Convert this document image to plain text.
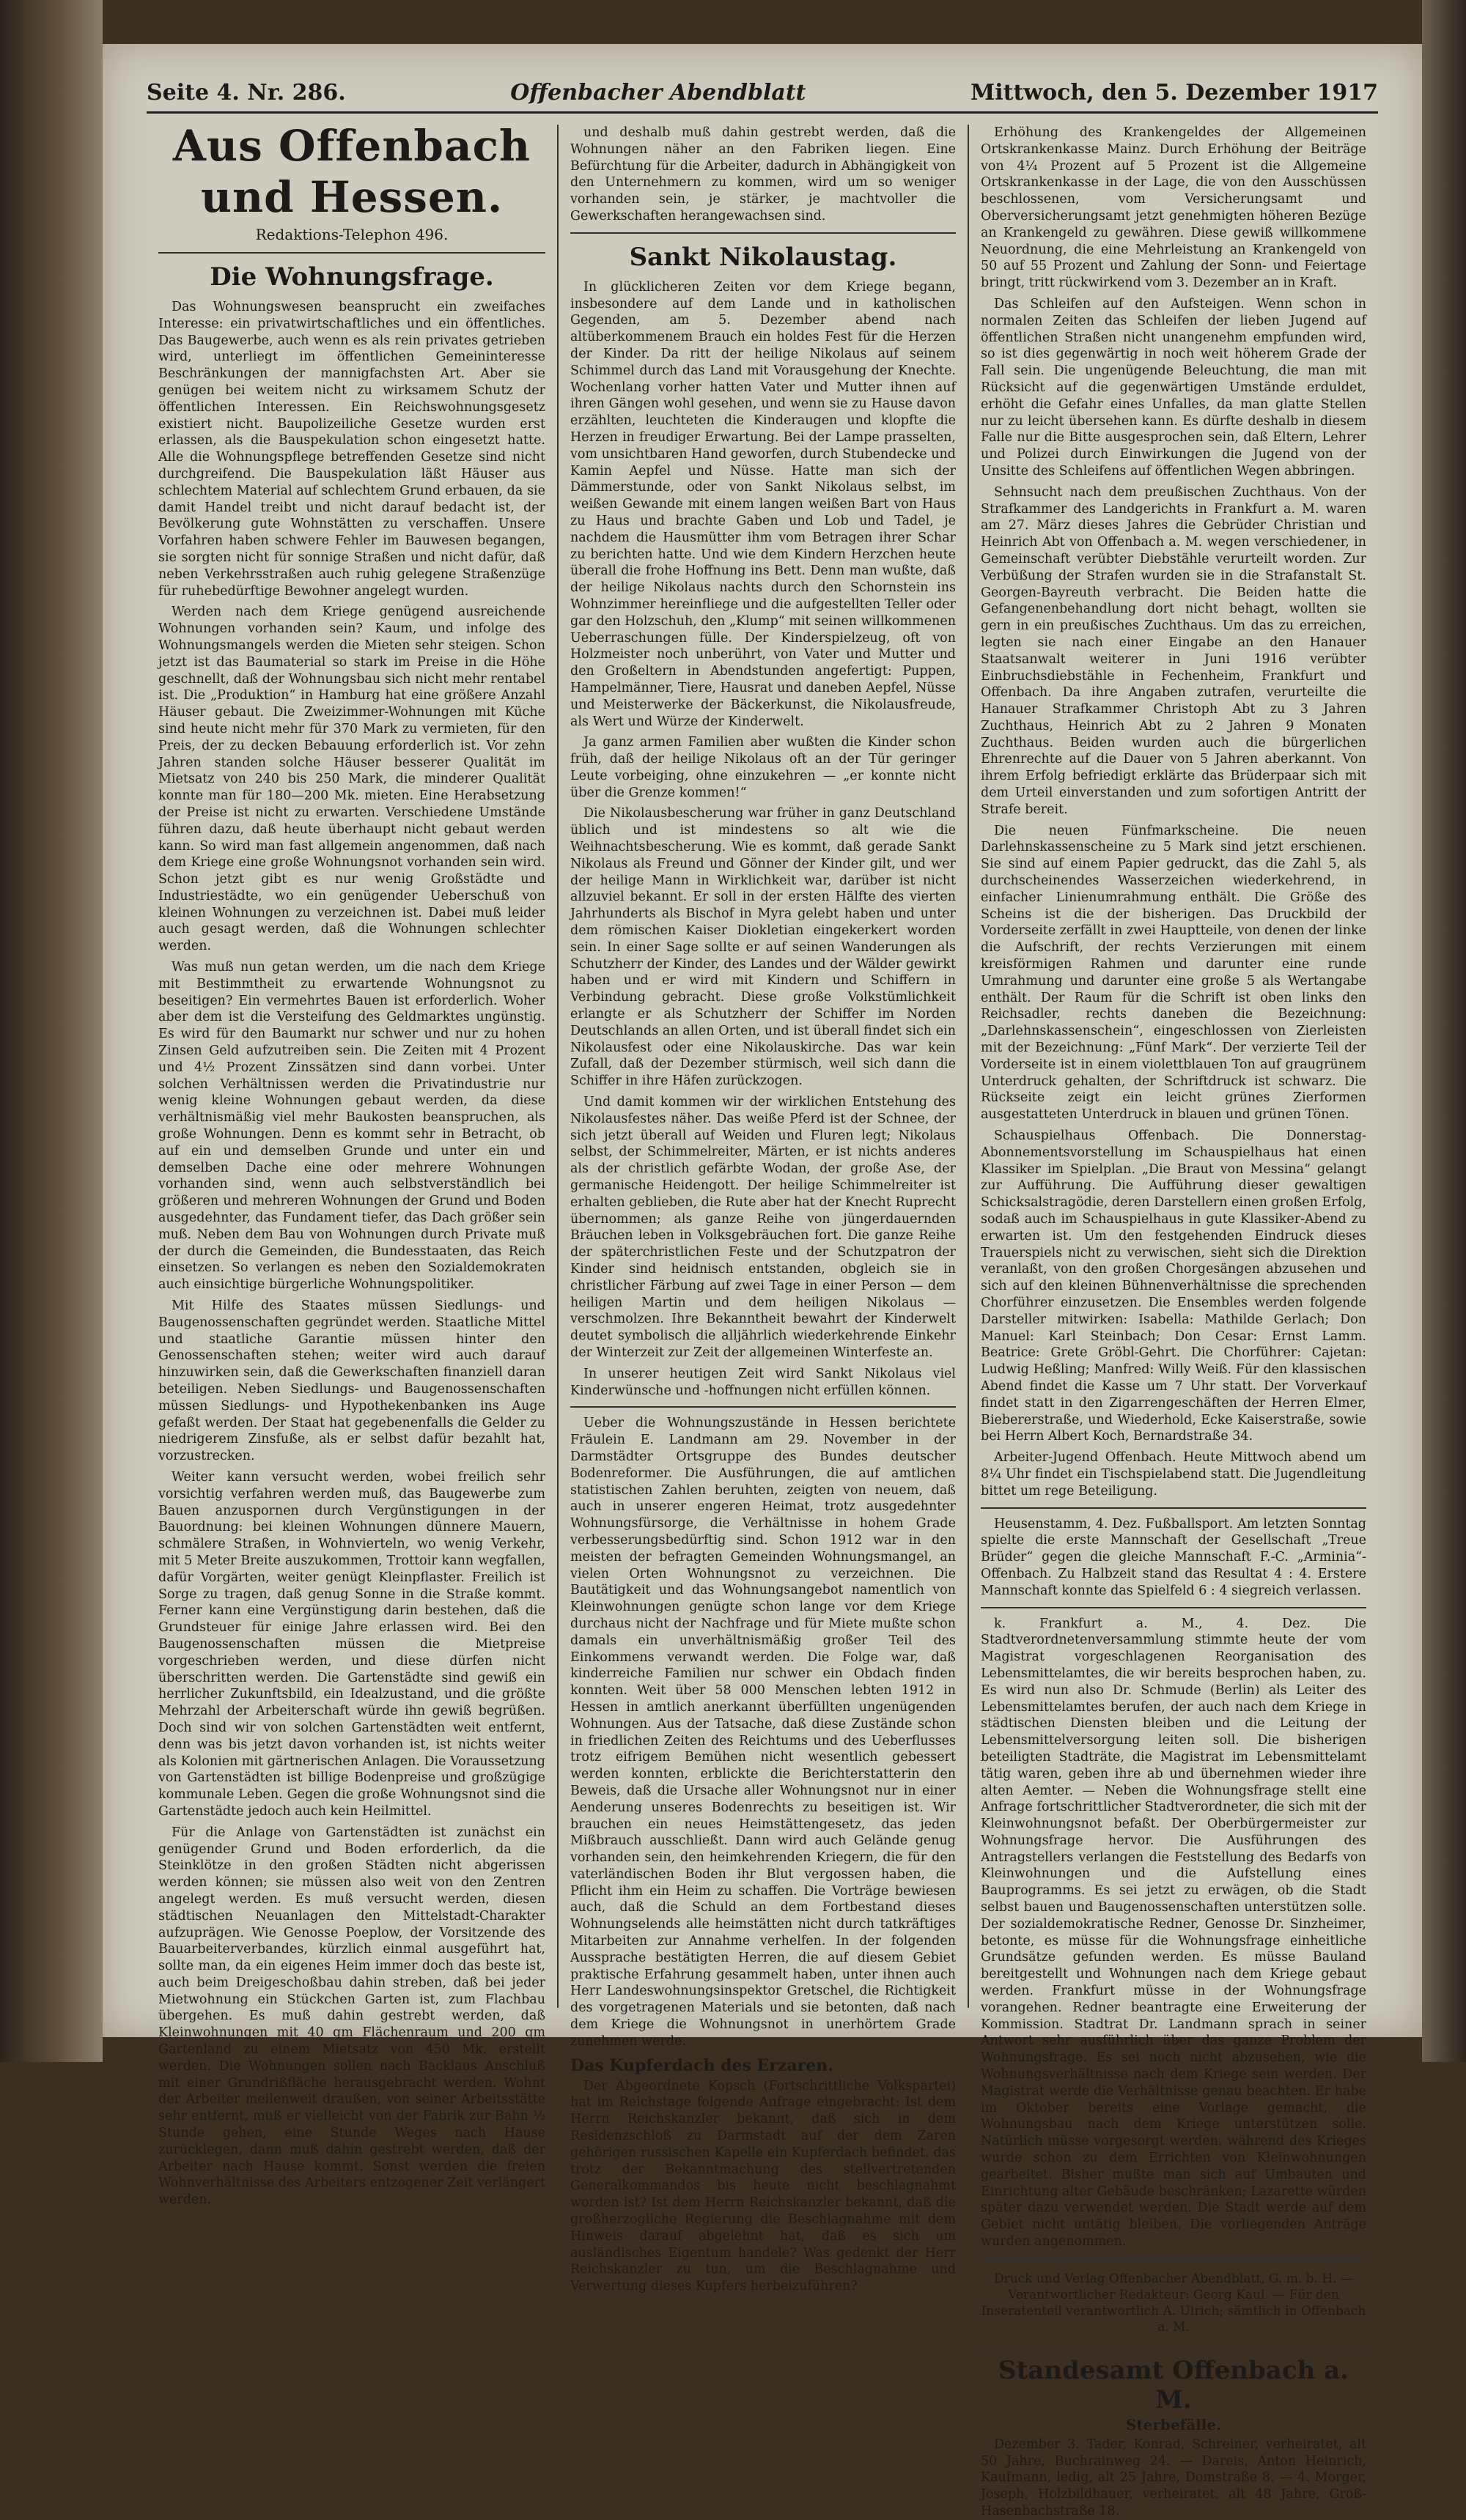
Seite 4. Nr. 286.	Offenbacher Abendblatt	Mittwoch, den 5. Dezember 1917
Aus Offenbach und Hessen.
Redaktions-Telephon 496.
Die Wohnungsfrage.

Das Wohnungswesen beansprucht ein zweifaches Interesse: ein privatwirtschaftliches und ein öffentliches. Das Baugewerbe, auch wenn es als rein privates getrieben wird, unterliegt im öffentlichen Gemeininteresse Beschränkungen der mannigfachsten Art. Aber sie genügen bei weitem nicht zu wirksamem Schutz der öffentlichen Interessen. Ein Reichswohnungsgesetz existiert nicht. Baupolizeiliche Gesetze wurden erst erlassen, als die Bauspekulation schon eingesetzt hatte. Alle die Wohnungspflege betreffenden Gesetze sind nicht durchgreifend. Die Bauspekulation läßt Häuser aus schlechtem Material auf schlechtem Grund erbauen, da sie damit Handel treibt und nicht darauf bedacht ist, der Bevölkerung gute Wohnstätten zu verschaffen. Unsere Vorfahren haben schwere Fehler im Bauwesen begangen, sie sorgten nicht für sonnige Straßen und nicht dafür, daß neben Verkehrsstraßen auch ruhig gelegene Straßenzüge für ruhebedürftige Bewohner angelegt wurden.

Werden nach dem Kriege genügend ausreichende Wohnungen vorhanden sein? Kaum, und infolge des Wohnungsmangels werden die Mieten sehr steigen. Schon jetzt ist das Baumaterial so stark im Preise in die Höhe geschnellt, daß der Wohnungsbau sich nicht mehr rentabel ist. Die „Produktion“ in Hamburg hat eine größere Anzahl Häuser gebaut. Die Zweizimmer-Wohnungen mit Küche sind heute nicht mehr für 370 Mark zu vermieten, für den Preis, der zu decken Bebauung erforderlich ist. Vor zehn Jahren standen solche Häuser besserer Qualität im Mietsatz von 240 bis 250 Mark, die minderer Qualität konnte man für 180—200 Mk. mieten. Eine Herabsetzung der Preise ist nicht zu erwarten. Verschiedene Umstände führen dazu, daß heute überhaupt nicht gebaut werden kann. So wird man fast allgemein angenommen, daß nach dem Kriege eine große Wohnungsnot vorhanden sein wird. Schon jetzt gibt es nur wenig Großstädte und Industriestädte, wo ein genügender Ueberschuß von kleinen Wohnungen zu verzeichnen ist. Dabei muß leider auch gesagt werden, daß die Wohnungen schlechter werden.

Was muß nun getan werden, um die nach dem Kriege mit Bestimmtheit zu erwartende Wohnungsnot zu beseitigen? Ein vermehrtes Bauen ist erforderlich. Woher aber dem ist die Versteifung des Geldmarktes ungünstig. Es wird für den Baumarkt nur schwer und nur zu hohen Zinsen Geld aufzutreiben sein. Die Zeiten mit 4 Prozent und 4½ Prozent Zinssätzen sind dann vorbei. Unter solchen Verhältnissen werden die Privatindustrie nur wenig kleine Wohnungen gebaut werden, da diese verhältnismäßig viel mehr Baukosten beanspruchen, als große Wohnungen. Denn es kommt sehr in Betracht, ob auf ein und demselben Grunde und unter ein und demselben Dache eine oder mehrere Wohnungen vorhanden sind, wenn auch selbstverständlich bei größeren und mehreren Wohnungen der Grund und Boden ausgedehnter, das Fundament tiefer, das Dach größer sein muß. Neben dem Bau von Wohnungen durch Private muß der durch die Gemeinden, die Bundesstaaten, das Reich einsetzen. So verlangen es neben den Sozialdemokraten auch einsichtige bürgerliche Wohnungspolitiker.

Mit Hilfe des Staates müssen Siedlungs- und Baugenossenschaften gegründet werden. Staatliche Mittel und staatliche Garantie müssen hinter den Genossenschaften stehen; weiter wird auch darauf hinzuwirken sein, daß die Gewerkschaften finanziell daran beteiligen. Neben Siedlungs- und Baugenossenschaften müssen Siedlungs- und Hypothekenbanken ins Auge gefaßt werden. Der Staat hat gegebenenfalls die Gelder zu niedrigerem Zinsfuße, als er selbst dafür bezahlt hat, vorzustrecken.

Weiter kann versucht werden, wobei freilich sehr vorsichtig verfahren werden muß, das Baugewerbe zum Bauen anzuspornen durch Vergünstigungen in der Bauordnung: bei kleinen Wohnungen dünnere Mauern, schmälere Straßen, in Wohnvierteln, wo wenig Verkehr, mit 5 Meter Breite auszukommen, Trottoir kann wegfallen, dafür Vorgärten, weiter genügt Kleinpflaster. Freilich ist Sorge zu tragen, daß genug Sonne in die Straße kommt. Ferner kann eine Vergünstigung darin bestehen, daß die Grundsteuer für einige Jahre erlassen wird. Bei den Baugenossenschaften müssen die Mietpreise vorgeschrieben werden, und diese dürfen nicht überschritten werden. Die Gartenstädte sind gewiß ein herrlicher Zukunftsbild, ein Idealzustand, und die größte Mehrzahl der Arbeiterschaft würde ihn gewiß begrüßen. Doch sind wir von solchen Gartenstädten weit entfernt, denn was bis jetzt davon vorhanden ist, ist nichts weiter als Kolonien mit gärtnerischen Anlagen. Die Voraussetzung von Gartenstädten ist billige Bodenpreise und großzügige kommunale Leben. Gegen die große Wohnungsnot sind die Gartenstädte jedoch auch kein Heilmittel.

Für die Anlage von Gartenstädten ist zunächst ein genügender Grund und Boden erforderlich, da die Steinklötze in den großen Städten nicht abgerissen werden können; sie müssen also weit von den Zentren angelegt werden. Es muß versucht werden, diesen städtischen Neuanlagen den Mittelstadt-Charakter aufzuprägen. Wie Genosse Poeplow, der Vorsitzende des Bauarbeiterverbandes, kürzlich einmal ausgeführt hat, sollte man, da ein eigenes Heim immer doch das beste ist, auch beim Dreigeschoßbau dahin streben, daß bei jeder Mietwohnung ein Stückchen Garten ist, zum Flachbau übergehen. Es muß dahin gestrebt werden, daß Kleinwohnungen mit 40 qm Flächenraum und 200 qm Gartenland zu einem Mietsatz von 450 Mk. erstellt werden. Die Wohnungen sollen nach Backlaus Anschluß mit einer Grundrißfläche herausgebracht werden. Wohnt der Arbeiter meilenweit draußen, von seiner Arbeitsstätte sehr entfernt, muß er vielleicht von der Fabrik zur Bahn ½ Stunde gehen, eine Stunde Weges nach Hause zurücklegen, dann muß dahin gestrebt werden, daß der Arbeiter nach Hause kommt. Sonst werden die freien Wohnverhältnisse des Arbeiters entzogener Zeit verlängert werden.

und deshalb muß dahin gestrebt werden, daß die Wohnungen näher an den Fabriken liegen. Eine Befürchtung für die Arbeiter, dadurch in Abhängigkeit von den Unternehmern zu kommen, wird um so weniger vorhanden sein, je stärker, je machtvoller die Gewerkschaften herangewachsen sind.

Sankt Nikolaustag.

In glücklicheren Zeiten vor dem Kriege begann, insbesondere auf dem Lande und in katholischen Gegenden, am 5. Dezember abend nach altüberkommenem Brauch ein holdes Fest für die Herzen der Kinder. Da ritt der heilige Nikolaus auf seinem Schimmel durch das Land mit Vorausgehung der Knechte. Wochenlang vorher hatten Vater und Mutter ihnen auf ihren Gängen wohl gesehen, und wenn sie zu Hause davon erzählten, leuchteten die Kinderaugen und klopfte die Herzen in freudiger Erwartung. Bei der Lampe prasselten, vom unsichtbaren Hand geworfen, durch Stubendecke und Kamin Aepfel und Nüsse. Hatte man sich der Dämmerstunde, oder von Sankt Nikolaus selbst, im weißen Gewande mit einem langen weißen Bart von Haus zu Haus und brachte Gaben und Lob und Tadel, je nachdem die Hausmütter ihm vom Betragen ihrer Schar zu berichten hatte. Und wie dem Kindern Herzchen heute überall die frohe Hoffnung ins Bett. Denn man wußte, daß der heilige Nikolaus nachts durch den Schornstein ins Wohnzimmer hereinfliege und die aufgestellten Teller oder gar den Holzschuh, den „Klump“ mit seinen willkommenen Ueberraschungen fülle. Der Kinderspielzeug, oft von Holzmeister noch unberührt, von Vater und Mutter und den Großeltern in Abendstunden angefertigt: Puppen, Hampelmänner, Tiere, Hausrat und daneben Aepfel, Nüsse und Meisterwerke der Bäckerkunst, die Nikolausfreude, als Wert und Würze der Kinderwelt.

Ja ganz armen Familien aber wußten die Kinder schon früh, daß der heilige Nikolaus oft an der Tür geringer Leute vorbeiging, ohne einzukehren — „er konnte nicht über die Grenze kommen!“

Die Nikolausbescherung war früher in ganz Deutschland üblich und ist mindestens so alt wie die Weihnachtsbescherung. Wie es kommt, daß gerade Sankt Nikolaus als Freund und Gönner der Kinder gilt, und wer der heilige Mann in Wirklichkeit war, darüber ist nicht allzuviel bekannt. Er soll in der ersten Hälfte des vierten Jahrhunderts als Bischof in Myra gelebt haben und unter dem römischen Kaiser Diokletian eingekerkert worden sein. In einer Sage sollte er auf seinen Wanderungen als Schutzherr der Kinder, des Landes und der Wälder gewirkt haben und er wird mit Kindern und Schiffern in Verbindung gebracht. Diese große Volkstümlichkeit erlangte er als Schutzherr der Schiffer im Norden Deutschlands an allen Orten, und ist überall findet sich ein Nikolausfest oder eine Nikolauskirche. Das war kein Zufall, daß der Dezember stürmisch, weil sich dann die Schiffer in ihre Häfen zurückzogen.

Und damit kommen wir der wirklichen Entstehung des Nikolausfestes näher. Das weiße Pferd ist der Schnee, der sich jetzt überall auf Weiden und Fluren legt; Nikolaus selbst, der Schimmelreiter, Märten, er ist nichts anderes als der christlich gefärbte Wodan, der große Ase, der germanische Heidengott. Der heilige Schimmelreiter ist erhalten geblieben, die Rute aber hat der Knecht Ruprecht übernommen; als ganze Reihe von jüngerdauernden Bräuchen leben in Volksgebräuchen fort. Die ganze Reihe der späterchristlichen Feste und der Schutzpatron der Kinder sind heidnisch entstanden, obgleich sie in christlicher Färbung auf zwei Tage in einer Person — dem heiligen Martin und dem heiligen Nikolaus — verschmolzen. Ihre Bekanntheit bewahrt der Kinderwelt deutet symbolisch die alljährlich wiederkehrende Einkehr der Winterzeit zur Zeit der allgemeinen Winterfeste an.

In unserer heutigen Zeit wird Sankt Nikolaus viel Kinderwünsche und -hoffnungen nicht erfüllen können.

Ueber die Wohnungszustände in Hessen berichtete Fräulein E. Landmann am 29. November in der Darmstädter Ortsgruppe des Bundes deutscher Bodenreformer. Die Ausführungen, die auf amtlichen statistischen Zahlen beruhten, zeigten von neuem, daß auch in unserer engeren Heimat, trotz ausgedehnter Wohnungsfürsorge, die Verhältnisse in hohem Grade verbesserungsbedürftig sind. Schon 1912 war in den meisten der befragten Gemeinden Wohnungsmangel, an vielen Orten Wohnungsnot zu verzeichnen. Die Bautätigkeit und das Wohnungsangebot namentlich von Kleinwohnungen genügte schon lange vor dem Kriege durchaus nicht der Nachfrage und für Miete mußte schon damals ein unverhältnismäßig großer Teil des Einkommens verwandt werden. Die Folge war, daß kinderreiche Familien nur schwer ein Obdach finden konnten. Weit über 58 000 Menschen lebten 1912 in Hessen in amtlich anerkannt überfüllten ungenügenden Wohnungen. Aus der Tatsache, daß diese Zustände schon in friedlichen Zeiten des Reichtums und des Ueberflusses trotz eifrigem Bemühen nicht wesentlich gebessert werden konnten, erblickte die Berichterstatterin den Beweis, daß die Ursache aller Wohnungsnot nur in einer Aenderung unseres Bodenrechts zu beseitigen ist. Wir brauchen ein neues Heimstättengesetz, das jeden Mißbrauch ausschließt. Dann wird auch Gelände genug vorhanden sein, den heimkehrenden Kriegern, die für den vaterländischen Boden ihr Blut vergossen haben, die Pflicht ihm ein Heim zu schaffen. Die Vorträge bewiesen auch, daß die Schuld an dem Fortbestand dieses Wohnungselends alle heimstätten nicht durch tatkräftiges Mitarbeiten zur Annahme verhelfen. In der folgenden Aussprache bestätigten Herren, die auf diesem Gebiet praktische Erfahrung gesammelt haben, unter ihnen auch Herr Landeswohnungsinspektor Gretschel, die Richtigkeit des vorgetragenen Materials und sie betonten, daß nach dem Kriege die Wohnungsnot in unerhörtem Grade zunehmen werde.

Das Kupferdach des Erzaren.

Der Abgeordnete Kopsch (Fortschrittliche Volkspartei) hat im Reichstage folgende Anfrage eingebracht: Ist dem Herrn Reichskanzler bekannt, daß sich in dem Residenzschloß zu Darmstadt auf der dem Zaren gehörigen russischen Kapelle ein Kupferdach befindet, das trotz der Bekanntmachung des stellvertretenden Generalkommandos bis heute nicht beschlagnahmt worden ist? Ist dem Herrn Reichskanzler bekannt, daß die großherzogliche Regierung die Beschlagnahme mit dem Hinweis darauf abgelehnt hat, daß es sich um ausländisches Eigentum handele? Was gedenkt der Herr Reichskanzler zu tun, um die Beschlagnahme und Verwertung dieses Kupfers herbeizuführen?

Erhöhung des Krankengeldes der Allgemeinen Ortskrankenkasse Mainz. Durch Erhöhung der Beiträge von 4¼ Prozent auf 5 Prozent ist die Allgemeine Ortskrankenkasse in der Lage, die von den Ausschüssen beschlossenen, vom Versicherungsamt und Oberversicherungsamt jetzt genehmigten höheren Bezüge an Krankengeld zu gewähren. Diese gewiß willkommene Neuordnung, die eine Mehrleistung an Krankengeld von 50 auf 55 Prozent und Zahlung der Sonn- und Feiertage bringt, tritt rückwirkend vom 3. Dezember an in Kraft.

Das Schleifen auf den Aufsteigen. Wenn schon in normalen Zeiten das Schleifen der lieben Jugend auf öffentlichen Straßen nicht unangenehm empfunden wird, so ist dies gegenwärtig in noch weit höherem Grade der Fall sein. Die ungenügende Beleuchtung, die man mit Rücksicht auf die gegenwärtigen Umstände erduldet, erhöht die Gefahr eines Unfalles, da man glatte Stellen nur zu leicht übersehen kann. Es dürfte deshalb in diesem Falle nur die Bitte ausgesprochen sein, daß Eltern, Lehrer und Polizei durch Einwirkungen die Jugend von der Unsitte des Schleifens auf öffentlichen Wegen abbringen.

Sehnsucht nach dem preußischen Zuchthaus. Von der Strafkammer des Landgerichts in Frankfurt a. M. waren am 27. März dieses Jahres die Gebrüder Christian und Heinrich Abt von Offenbach a. M. wegen verschiedener, in Gemeinschaft verübter Diebstähle verurteilt worden. Zur Verbüßung der Strafen wurden sie in die Strafanstalt St. Georgen-Bayreuth verbracht. Die Beiden hatte die Gefangenenbehandlung dort nicht behagt, wollten sie gern in ein preußisches Zuchthaus. Um das zu erreichen, legten sie nach einer Eingabe an den Hanauer Staatsanwalt weiterer in Juni 1916 verübter Einbruchsdiebstähle in Fechenheim, Frankfurt und Offenbach. Da ihre Angaben zutrafen, verurteilte die Hanauer Strafkammer Christoph Abt zu 3 Jahren Zuchthaus, Heinrich Abt zu 2 Jahren 9 Monaten Zuchthaus. Beiden wurden auch die bürgerlichen Ehrenrechte auf die Dauer von 5 Jahren aberkannt. Von ihrem Erfolg befriedigt erklärte das Brüderpaar sich mit dem Urteil einverstanden und zum sofortigen Antritt der Strafe bereit.

Die neuen Fünfmarkscheine. Die neuen Darlehnskassenscheine zu 5 Mark sind jetzt erschienen. Sie sind auf einem Papier gedruckt, das die Zahl 5, als durchscheinendes Wasserzeichen wiederkehrend, in einfacher Linienumrahmung enthält. Die Größe des Scheins ist die der bisherigen. Das Druckbild der Vorderseite zerfällt in zwei Hauptteile, von denen der linke die Aufschrift, der rechts Verzierungen mit einem kreisförmigen Rahmen und darunter eine runde Umrahmung und darunter eine große 5 als Wertangabe enthält. Der Raum für die Schrift ist oben links den Reichsadler, rechts daneben die Bezeichnung: „Darlehnskassenschein“, eingeschlossen von Zierleisten mit der Bezeichnung: „Fünf Mark“. Der verzierte Teil der Vorderseite ist in einem violettblauen Ton auf graugrünem Unterdruck gehalten, der Schriftdruck ist schwarz. Die Rückseite zeigt ein leicht grünes Zierformen ausgestatteten Unterdruck in blauen und grünen Tönen.

Schauspielhaus Offenbach. Die Donnerstag-Abonnementsvorstellung im Schauspielhaus hat einen Klassiker im Spielplan. „Die Braut von Messina“ gelangt zur Aufführung. Die Aufführung dieser gewaltigen Schicksalstragödie, deren Darstellern einen großen Erfolg, sodaß auch im Schauspielhaus in gute Klassiker-Abend zu erwarten ist. Um den festgehenden Eindruck dieses Trauerspiels nicht zu verwischen, sieht sich die Direktion veranlaßt, von den großen Chorgesängen abzusehen und sich auf den kleinen Bühnenverhältnisse die sprechenden Chorführer einzusetzen. Die Ensembles werden folgende Darsteller mitwirken: Isabella: Mathilde Gerlach; Don Manuel: Karl Steinbach; Don Cesar: Ernst Lamm. Beatrice: Grete Gröbl-Gehrt. Die Chorführer: Cajetan: Ludwig Heßling; Manfred: Willy Weiß. Für den klassischen Abend findet die Kasse um 7 Uhr statt. Der Vorverkauf findet statt in den Zigarrengeschäften der Herren Elmer, Biebererstraße, und Wiederhold, Ecke Kaiserstraße, sowie bei Herrn Albert Koch, Bernardstraße 34.

Arbeiter-Jugend Offenbach. Heute Mittwoch abend um 8¼ Uhr findet ein Tischspielabend statt. Die Jugendleitung bittet um rege Beteiligung.

Heusenstamm, 4. Dez. Fußballsport. Am letzten Sonntag spielte die erste Mannschaft der Gesellschaft „Treue Brüder“ gegen die gleiche Mannschaft F.-C. „Arminia“-Offenbach. Zu Halbzeit stand das Resultat 4 : 4. Erstere Mannschaft konnte das Spielfeld 6 : 4 siegreich verlassen.

k. Frankfurt a. M., 4. Dez. Die Stadtverordnetenversammlung stimmte heute der vom Magistrat vorgeschlagenen Reorganisation des Lebensmittelamtes, die wir bereits besprochen haben, zu. Es wird nun also Dr. Schmude (Berlin) als Leiter des Lebensmittelamtes berufen, der auch nach dem Kriege in städtischen Diensten bleiben und die Leitung der Lebensmittelversorgung leiten soll. Die bisherigen beteiligten Stadträte, die Magistrat im Lebensmittelamt tätig waren, geben ihre ab und übernehmen wieder ihre alten Aemter. — Neben die Wohnungsfrage stellt eine Anfrage fortschrittlicher Stadtverordneter, die sich mit der Kleinwohnungsnot befaßt. Der Oberbürgermeister zur Wohnungsfrage hervor. Die Ausführungen des Antragstellers verlangen die Feststellung des Bedarfs von Kleinwohnungen und die Aufstellung eines Bauprogramms. Es sei jetzt zu erwägen, ob die Stadt selbst bauen und Baugenossenschaften unterstützen solle. Der sozialdemokratische Redner, Genosse Dr. Sinzheimer, betonte, es müsse für die Wohnungsfrage einheitliche Grundsätze gefunden werden. Es müsse Bauland bereitgestellt und Wohnungen nach dem Kriege gebaut werden. Frankfurt müsse in der Wohnungsfrage vorangehen. Redner beantragte eine Erweiterung der Kommission. Stadtrat Dr. Landmann sprach in seiner Antwort sehr ausführlich über das ganze Problem der Wohnungsfrage. Es sei noch nicht abzusehen, wie die Wohnungsverhältnisse nach dem Kriege sein werden. Der Magistrat werde die Verhältnisse genau beachten. Er habe im Oktober bereits eine Vorlage gemacht, die Wohnungsbau nach dem Kriege unterstützen solle. Natürlich müsse vorgesorgt werden, während des Krieges wurde schon zu dem Errichten von Kleinwohnungen gearbeitet. Bisher mußte man sich auf Umbauten und Einrichtung alter Gebäude beschränken; Lazarette würden später dazu verwendet werden. Die Stadt werde auf dem Gebiet nicht untätig bleiben. Die vorliegenden Anträge wurden angenommen.

Druck und Verlag Offenbacher Abendblatt, G. m. b. H. — Verantwortlicher Redakteur: Georg Kaul. — Für den Inseratenteil verantwortlich A. Ulrich; sämtlich in Offenbach a. M.
Standesamt Offenbach a. M.
Sterbefälle.

Dezember 3. Tader, Konrad, Schreiner, verheiratet, alt 50 Jahre, Buchrainweg 24. — Dareis, Anton Heinrich, Kaufmann, ledig, alt 25 Jahre, Domstraße 8. — 4. Morger, Joseph, Holzbildhauer, verheiratet, alt 48 Jahre, Groß-Hasenbachstraße 18.
